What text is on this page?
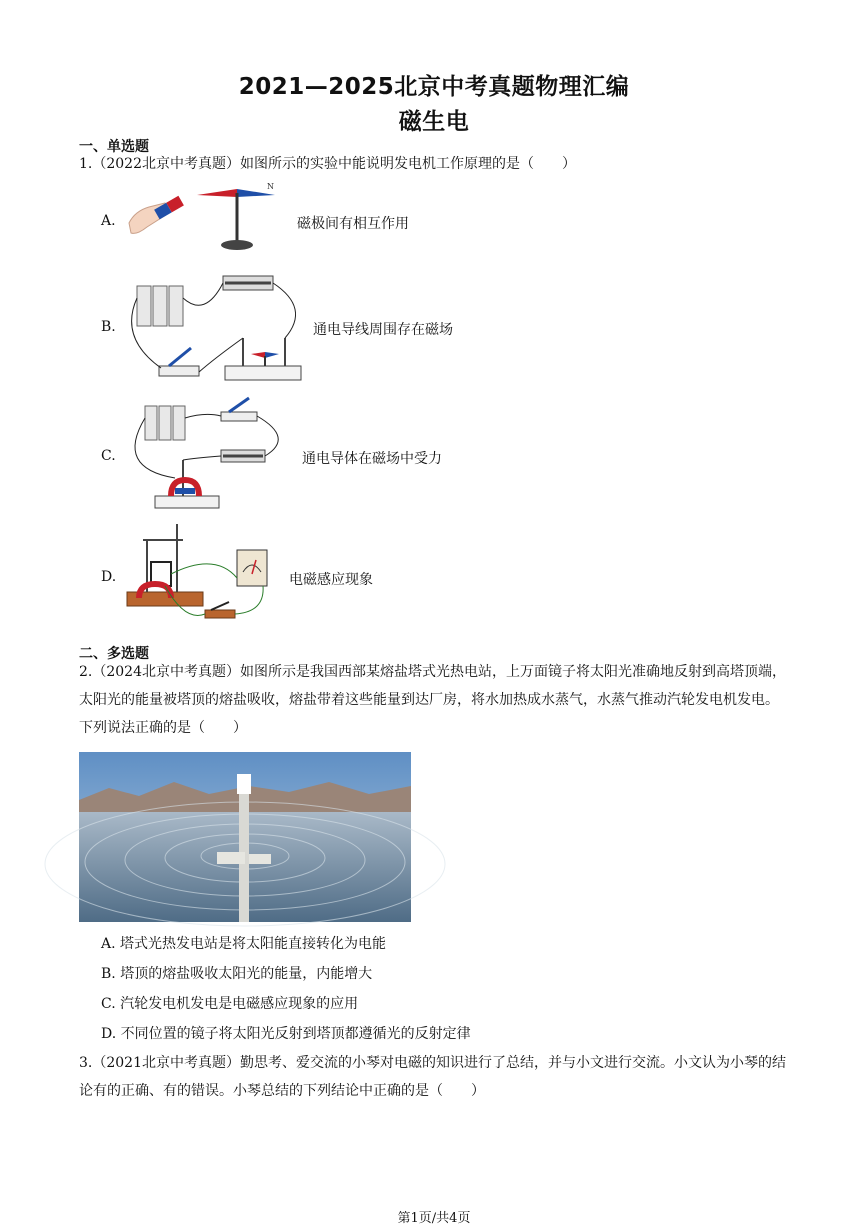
2021—2025北京中考真题物理汇编
磁生电
一、单选题
1.（2022北京中考真题）如图所示的实验中能说明发电机工作原理的是（　　）
A.
N
磁极间有相互作用
B.	通电导线周围存在磁场
C.	通电导体在磁场中受力
D.	电磁感应现象
二、多选题
2.（2024北京中考真题）如图所示是我国西部某熔盐塔式光热电站，上万面镜子将太阳光准确地反射到高塔顶端，太阳光的能量被塔顶的熔盐吸收，熔盐带着这些能量到达厂房，将水加热成水蒸气，水蒸气推动汽轮发电机发电。下列说法正确的是（　　）
A. 塔式光热发电站是将太阳能直接转化为电能
B. 塔顶的熔盐吸收太阳光的能量，内能增大
C. 汽轮发电机发电是电磁感应现象的应用
D. 不同位置的镜子将太阳光反射到塔顶都遵循光的反射定律
3.（2021北京中考真题）勤思考、爱交流的小琴对电磁的知识进行了总结，并与小文进行交流。小文认为小琴的结论有的正确、有的错误。小琴总结的下列结论中正确的是（　　）
第1页/共4页
